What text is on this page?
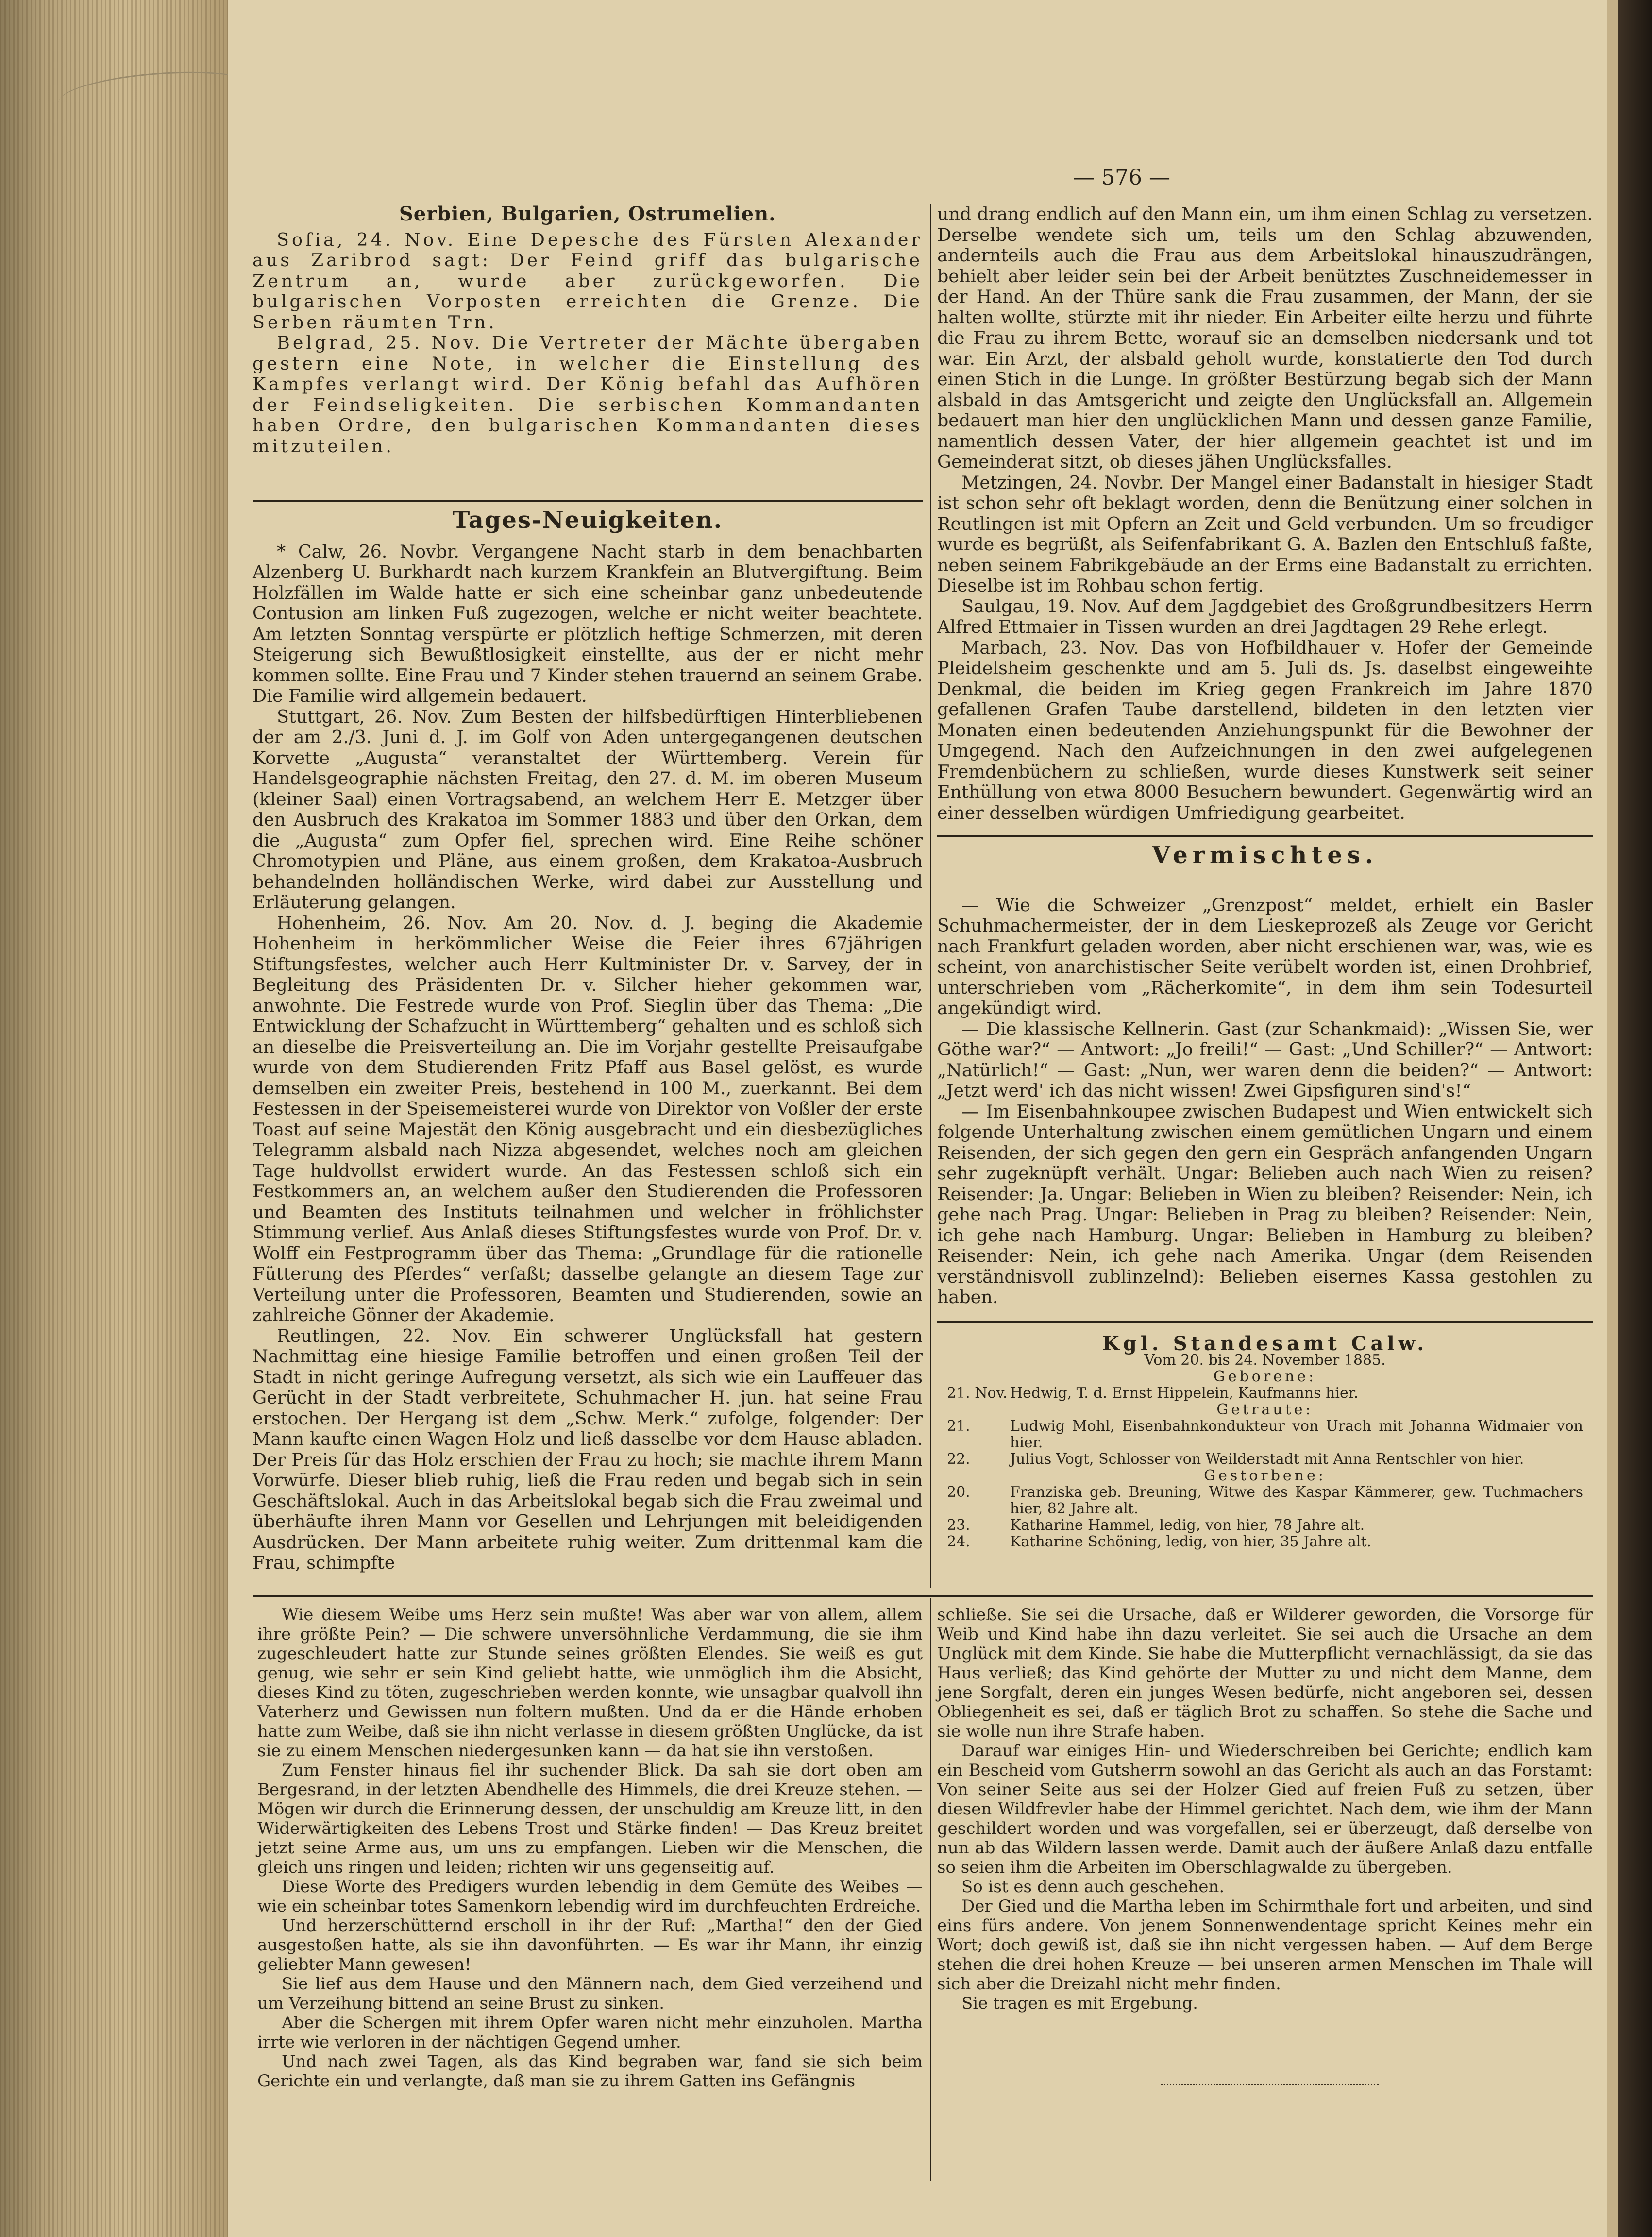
— 576 —

Serbien, Bulgarien, Ostrumelien.

Sofia, 24. Nov. Eine Depesche des Fürsten Alexander aus Zaribrod sagt: Der Feind griff das bulgarische Zentrum an, wurde aber zurückgeworfen. Die bulgarischen Vorposten erreichten die Grenze. Die Serben räumten Trn.

Belgrad, 25. Nov. Die Vertreter der Mächte übergaben gestern eine Note, in welcher die Einstellung des Kampfes verlangt wird. Der König befahl das Aufhören der Feindseligkeiten. Die serbischen Kommandanten haben Ordre, den bulgarischen Kommandanten dieses mitzuteilen.

Tages-Neuigkeiten.

* Calw, 26. Novbr. Vergangene Nacht starb in dem benachbarten Alzenberg U. Burkhardt nach kurzem Krankfein an Blutvergiftung. Beim Holzfällen im Walde hatte er sich eine scheinbar ganz unbedeutende Contusion am linken Fuß zugezogen, welche er nicht weiter beachtete. Am letzten Sonntag verspürte er plötzlich heftige Schmerzen, mit deren Steigerung sich Bewußtlosigkeit einstellte, aus der er nicht mehr kommen sollte. Eine Frau und 7 Kinder stehen trauernd an seinem Grabe. Die Familie wird allgemein bedauert.

Stuttgart, 26. Nov. Zum Besten der hilfsbedürftigen Hinterbliebenen der am 2./3. Juni d. J. im Golf von Aden untergegangenen deutschen Korvette „Augusta“ veranstaltet der Württemberg. Verein für Handelsgeographie nächsten Freitag, den 27. d. M. im oberen Museum (kleiner Saal) einen Vortragsabend, an welchem Herr E. Metzger über den Ausbruch des Krakatoa im Sommer 1883 und über den Orkan, dem die „Augusta“ zum Opfer fiel, sprechen wird. Eine Reihe schöner Chromotypien und Pläne, aus einem großen, dem Krakatoa-Ausbruch behandelnden holländischen Werke, wird dabei zur Ausstellung und Erläuterung gelangen.

Hohenheim, 26. Nov. Am 20. Nov. d. J. beging die Akademie Hohenheim in herkömmlicher Weise die Feier ihres 67jährigen Stiftungsfestes, welcher auch Herr Kultminister Dr. v. Sarvey, der in Begleitung des Präsidenten Dr. v. Silcher hieher gekommen war, anwohnte. Die Festrede wurde von Prof. Sieglin über das Thema: „Die Entwicklung der Schafzucht in Württemberg“ gehalten und es schloß sich an dieselbe die Preisverteilung an. Die im Vorjahr gestellte Preisaufgabe wurde von dem Studierenden Fritz Pfaff aus Basel gelöst, es wurde demselben ein zweiter Preis, bestehend in 100 M., zuerkannt. Bei dem Festessen in der Speisemeisterei wurde von Direktor von Voßler der erste Toast auf seine Majestät den König ausgebracht und ein diesbezügliches Telegramm alsbald nach Nizza abgesendet, welches noch am gleichen Tage huldvollst erwidert wurde. An das Festessen schloß sich ein Festkommers an, an welchem außer den Studierenden die Professoren und Beamten des Instituts teilnahmen und welcher in fröhlichster Stimmung verlief. Aus Anlaß dieses Stiftungsfestes wurde von Prof. Dr. v. Wolff ein Festprogramm über das Thema: „Grundlage für die rationelle Fütterung des Pferdes“ verfaßt; dasselbe gelangte an diesem Tage zur Verteilung unter die Professoren, Beamten und Studierenden, sowie an zahlreiche Gönner der Akademie.

Reutlingen, 22. Nov. Ein schwerer Unglücksfall hat gestern Nachmittag eine hiesige Familie betroffen und einen großen Teil der Stadt in nicht geringe Aufregung versetzt, als sich wie ein Lauffeuer das Gerücht in der Stadt verbreitete, Schuhmacher H. jun. hat seine Frau erstochen. Der Hergang ist dem „Schw. Merk.“ zufolge, folgender: Der Mann kaufte einen Wagen Holz und ließ dasselbe vor dem Hause abladen. Der Preis für das Holz erschien der Frau zu hoch; sie machte ihrem Mann Vorwürfe. Dieser blieb ruhig, ließ die Frau reden und begab sich in sein Geschäftslokal. Auch in das Arbeitslokal begab sich die Frau zweimal und überhäufte ihren Mann vor Gesellen und Lehrjungen mit beleidigenden Ausdrücken. Der Mann arbeitete ruhig weiter. Zum drittenmal kam die Frau, schimpfte

und drang endlich auf den Mann ein, um ihm einen Schlag zu versetzen. Derselbe wendete sich um, teils um den Schlag abzuwenden, andernteils auch die Frau aus dem Arbeitslokal hinauszudrängen, behielt aber leider sein bei der Arbeit benütztes Zuschneidemesser in der Hand. An der Thüre sank die Frau zusammen, der Mann, der sie halten wollte, stürzte mit ihr nieder. Ein Arbeiter eilte herzu und führte die Frau zu ihrem Bette, worauf sie an demselben niedersank und tot war. Ein Arzt, der alsbald geholt wurde, konstatierte den Tod durch einen Stich in die Lunge. In größter Bestürzung begab sich der Mann alsbald in das Amtsgericht und zeigte den Unglücksfall an. Allgemein bedauert man hier den unglücklichen Mann und dessen ganze Familie, namentlich dessen Vater, der hier allgemein geachtet ist und im Gemeinderat sitzt, ob dieses jähen Unglücksfalles.

Metzingen, 24. Novbr. Der Mangel einer Badanstalt in hiesiger Stadt ist schon sehr oft beklagt worden, denn die Benützung einer solchen in Reutlingen ist mit Opfern an Zeit und Geld verbunden. Um so freudiger wurde es begrüßt, als Seifenfabrikant G. A. Bazlen den Entschluß faßte, neben seinem Fabrikgebäude an der Erms eine Badanstalt zu errichten. Dieselbe ist im Rohbau schon fertig.

Saulgau, 19. Nov. Auf dem Jagdgebiet des Großgrundbesitzers Herrn Alfred Ettmaier in Tissen wurden an drei Jagdtagen 29 Rehe erlegt.

Marbach, 23. Nov. Das von Hofbildhauer v. Hofer der Gemeinde Pleidelsheim geschenkte und am 5. Juli ds. Js. daselbst eingeweihte Denkmal, die beiden im Krieg gegen Frankreich im Jahre 1870 gefallenen Grafen Taube darstellend, bildeten in den letzten vier Monaten einen bedeutenden Anziehungspunkt für die Bewohner der Umgegend. Nach den Aufzeichnungen in den zwei aufgelegenen Fremdenbüchern zu schließen, wurde dieses Kunstwerk seit seiner Enthüllung von etwa 8000 Besuchern bewundert. Gegenwärtig wird an einer desselben würdigen Umfriedigung gearbeitet.

Vermischtes.

— Wie die Schweizer „Grenzpost“ meldet, erhielt ein Basler Schuhmachermeister, der in dem Lieskeprozeß als Zeuge vor Gericht nach Frankfurt geladen worden, aber nicht erschienen war, was, wie es scheint, von anarchistischer Seite verübelt worden ist, einen Drohbrief, unterschrieben vom „Rächerkomite“, in dem ihm sein Todesurteil angekündigt wird.

— Die klassische Kellnerin. Gast (zur Schankmaid): „Wissen Sie, wer Göthe war?“ — Antwort: „Jo freili!“ — Gast: „Und Schiller?“ — Antwort: „Natürlich!“ — Gast: „Nun, wer waren denn die beiden?“ — Antwort: „Jetzt werd' ich das nicht wissen! Zwei Gipsfiguren sind's!“

— Im Eisenbahnkoupee zwischen Budapest und Wien entwickelt sich folgende Unterhaltung zwischen einem gemütlichen Ungarn und einem Reisenden, der sich gegen den gern ein Gespräch anfangenden Ungarn sehr zugeknüpft verhält. Ungar: Belieben auch nach Wien zu reisen? Reisender: Ja. Ungar: Belieben in Wien zu bleiben? Reisender: Nein, ich gehe nach Prag. Ungar: Belieben in Prag zu bleiben? Reisender: Nein, ich gehe nach Hamburg. Ungar: Belieben in Hamburg zu bleiben? Reisender: Nein, ich gehe nach Amerika. Ungar (dem Reisenden verständnisvoll zublinzelnd): Belieben eisernes Kassa gestohlen zu haben.

Kgl. Standesamt Calw.

Vom 20. bis 24. November 1885.

Geborene:

21. Nov. Hedwig, T. d. Ernst Hippelein, Kaufmanns hier.

Getraute:

21.	Ludwig Mohl, Eisenbahnkondukteur von Urach mit Johanna Widmaier von hier.
22.	Julius Vogt, Schlosser von Weilderstadt mit Anna Rentschler von hier.

Gestorbene:

20.	Franziska geb. Breuning, Witwe des Kaspar Kämmerer, gew. Tuchmachers hier, 82 Jahre alt.
23.	Katharine Hammel, ledig, von hier, 78 Jahre alt.
24.	Katharine Schöning, ledig, von hier, 35 Jahre alt.

Wie diesem Weibe ums Herz sein mußte! Was aber war von allem, allem ihre größte Pein? — Die schwere unversöhnliche Verdammung, die sie ihm zugeschleudert hatte zur Stunde seines größten Elendes. Sie weiß es gut genug, wie sehr er sein Kind geliebt hatte, wie unmöglich ihm die Absicht, dieses Kind zu töten, zugeschrieben werden konnte, wie unsagbar qualvoll ihn Vaterherz und Gewissen nun foltern mußten. Und da er die Hände erhoben hatte zum Weibe, daß sie ihn nicht verlasse in diesem größten Unglücke, da ist sie zu einem Menschen niedergesunken kann — da hat sie ihn verstoßen.

Zum Fenster hinaus fiel ihr suchender Blick. Da sah sie dort oben am Bergesrand, in der letzten Abendhelle des Himmels, die drei Kreuze stehen. — Mögen wir durch die Erinnerung dessen, der unschuldig am Kreuze litt, in den Widerwärtigkeiten des Lebens Trost und Stärke finden! — Das Kreuz breitet jetzt seine Arme aus, um uns zu empfangen. Lieben wir die Menschen, die gleich uns ringen und leiden; richten wir uns gegenseitig auf.

Diese Worte des Predigers wurden lebendig in dem Gemüte des Weibes — wie ein scheinbar totes Samenkorn lebendig wird im durchfeuchten Erdreiche.

Und herzerschütternd erscholl in ihr der Ruf: „Martha!“ den der Gied ausgestoßen hatte, als sie ihn davonführten. — Es war ihr Mann, ihr einzig geliebter Mann gewesen!

Sie lief aus dem Hause und den Männern nach, dem Gied verzeihend und um Verzeihung bittend an seine Brust zu sinken.

Aber die Schergen mit ihrem Opfer waren nicht mehr einzuholen. Martha irrte wie verloren in der nächtigen Gegend umher.

Und nach zwei Tagen, als das Kind begraben war, fand sie sich beim Gerichte ein und verlangte, daß man sie zu ihrem Gatten ins Gefängnis

schließe. Sie sei die Ursache, daß er Wilderer geworden, die Vorsorge für Weib und Kind habe ihn dazu verleitet. Sie sei auch die Ursache an dem Unglück mit dem Kinde. Sie habe die Mutterpflicht vernachlässigt, da sie das Haus verließ; das Kind gehörte der Mutter zu und nicht dem Manne, dem jene Sorgfalt, deren ein junges Wesen bedürfe, nicht angeboren sei, dessen Obliegenheit es sei, daß er täglich Brot zu schaffen. So stehe die Sache und sie wolle nun ihre Strafe haben.

Darauf war einiges Hin- und Wiederschreiben bei Gerichte; endlich kam ein Bescheid vom Gutsherrn sowohl an das Gericht als auch an das Forstamt: Von seiner Seite aus sei der Holzer Gied auf freien Fuß zu setzen, über diesen Wildfrevler habe der Himmel gerichtet. Nach dem, wie ihm der Mann geschildert worden und was vorgefallen, sei er überzeugt, daß derselbe von nun ab das Wildern lassen werde. Damit auch der äußere Anlaß dazu entfalle so seien ihm die Arbeiten im Oberschlagwalde zu übergeben.

So ist es denn auch geschehen.

Der Gied und die Martha leben im Schirmthale fort und arbeiten, und sind eins fürs andere. Von jenem Sonnenwendentage spricht Keines mehr ein Wort; doch gewiß ist, daß sie ihn nicht vergessen haben. — Auf dem Berge stehen die drei hohen Kreuze — bei unseren armen Menschen im Thale will sich aber die Dreizahl nicht mehr finden.

Sie tragen es mit Ergebung.
